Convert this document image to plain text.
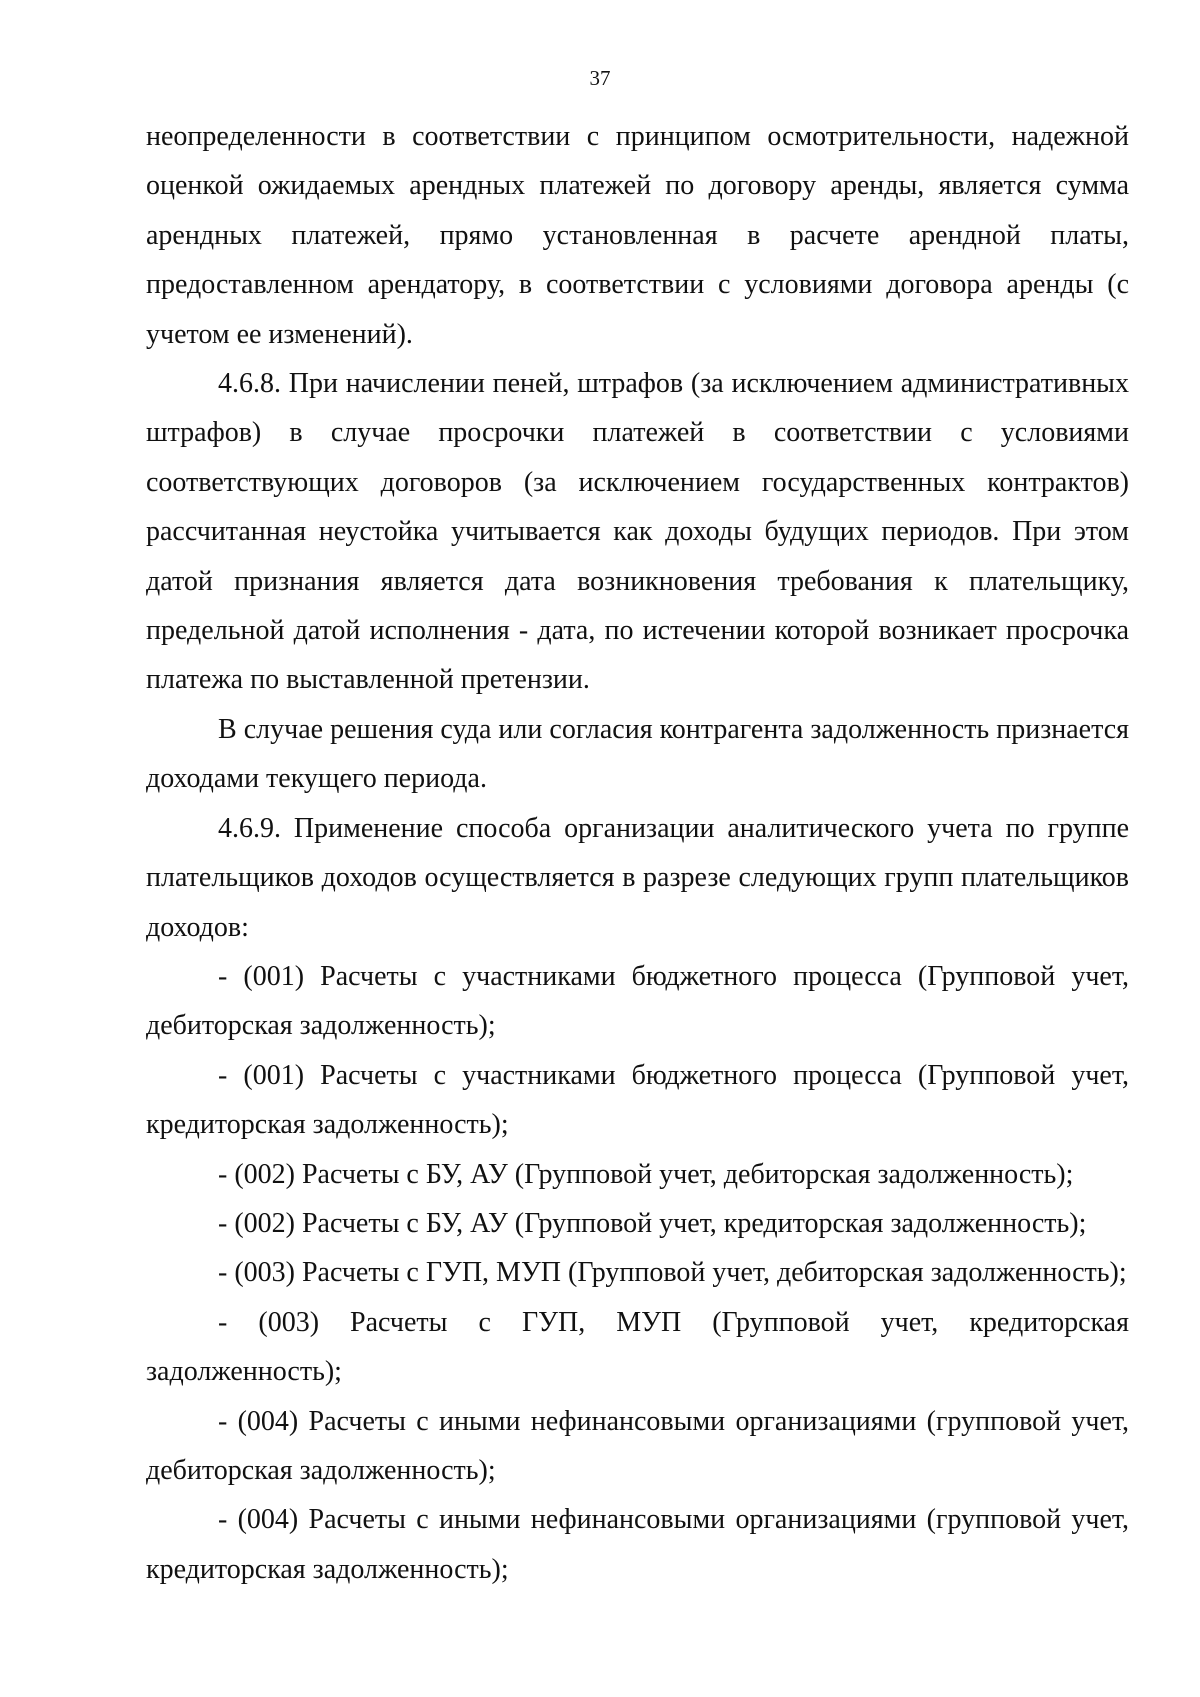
37

неопределенности в соответствии с принципом осмотрительности, надежной оценкой ожидаемых арендных платежей по договору аренды, является сумма арендных платежей, прямо установленная в расчете арендной платы, предоставленном арендатору, в соответствии с условиями договора аренды (с учетом ее изменений).

4.6.8. При начислении пеней, штрафов (за исключением административных штрафов) в случае просрочки платежей в соответствии с условиями соответствующих договоров (за исключением государственных контрактов) рассчитанная неустойка учитывается как доходы будущих периодов. При этом датой признания является дата возникновения требования к плательщику, предельной датой исполнения - дата, по истечении которой возникает просрочка платежа по выставленной претензии.

В случае решения суда или согласия контрагента задолженность признается доходами текущего периода.

4.6.9. Применение способа организации аналитического учета по группе плательщиков доходов осуществляется в разрезе следующих групп плательщиков доходов:

- (001) Расчеты с участниками бюджетного процесса (Групповой учет, дебиторская задолженность);

- (001) Расчеты с участниками бюджетного процесса (Групповой учет, кредиторская задолженность);

- (002) Расчеты с БУ, АУ (Групповой учет, дебиторская задолженность);

- (002) Расчеты с БУ, АУ (Групповой учет, кредиторская задолженность);

- (003) Расчеты с ГУП, МУП (Групповой учет, дебиторская задолженность);

- (003) Расчеты с ГУП, МУП (Групповой учет, кредиторская задолженность);

- (004) Расчеты с иными нефинансовыми организациями (групповой учет, дебиторская задолженность);

- (004) Расчеты с иными нефинансовыми организациями (групповой учет, кредиторская задолженность);
